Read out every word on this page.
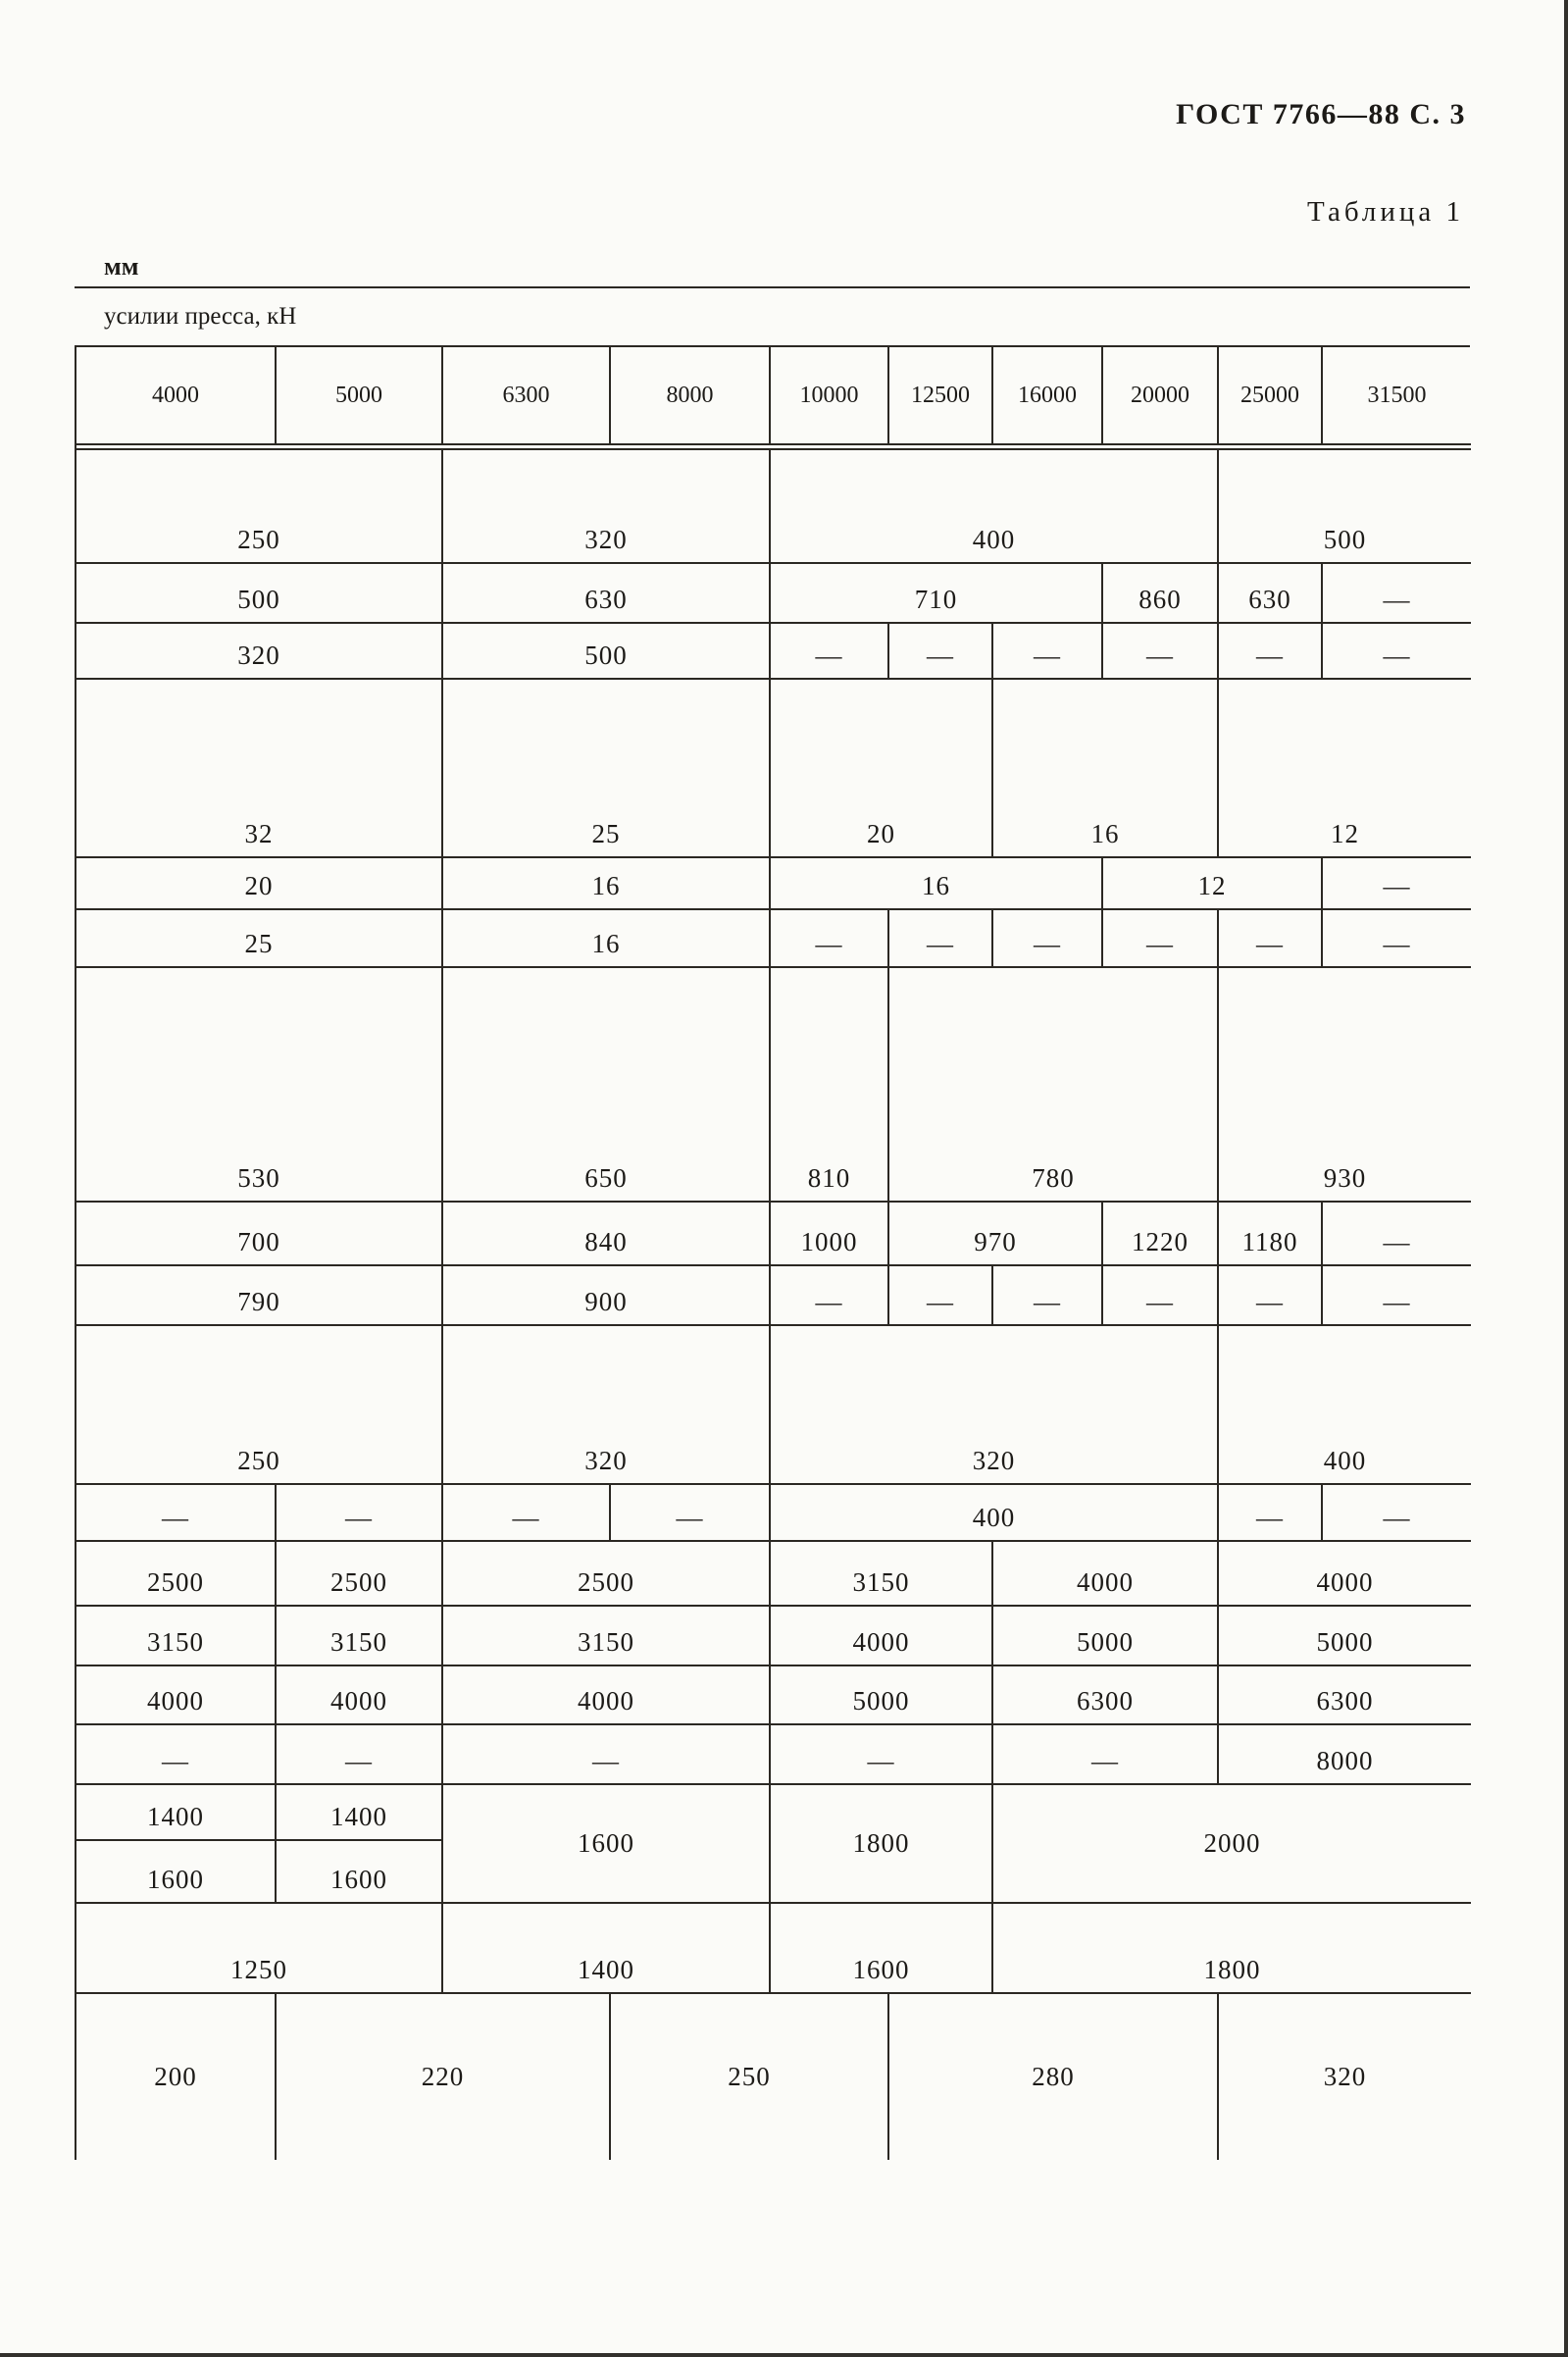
ГОСТ 7766—88 С. 3
Таблица 1
мм
усилии пресса, кН
4000	5000	6300	8000	10000	12500	16000	20000	25000	31500

250		320		400				500	
500		630		710			860	630	—
320		500		—	—	—	—	—	—
32		25		20		16		12	
20		16		16			12		—
25		16		—	—	—	—	—	—
530		650		810	780			930	
700		840		1000	970		1220	1180	—
790		900		—	—	—	—	—	—
250		320		320				400	
—	—	—	—	400				—	—
2500	2500	2500		3150		4000		4000	
3150	3150	3150		4000		5000		5000	
4000	4000	4000		5000		6300		6300	
—	—	—		—		—		8000	
1400	1400	1600		1800		2000			
1600	1600								
1250		1400		1600		1800			
200	220		250		280			320	
